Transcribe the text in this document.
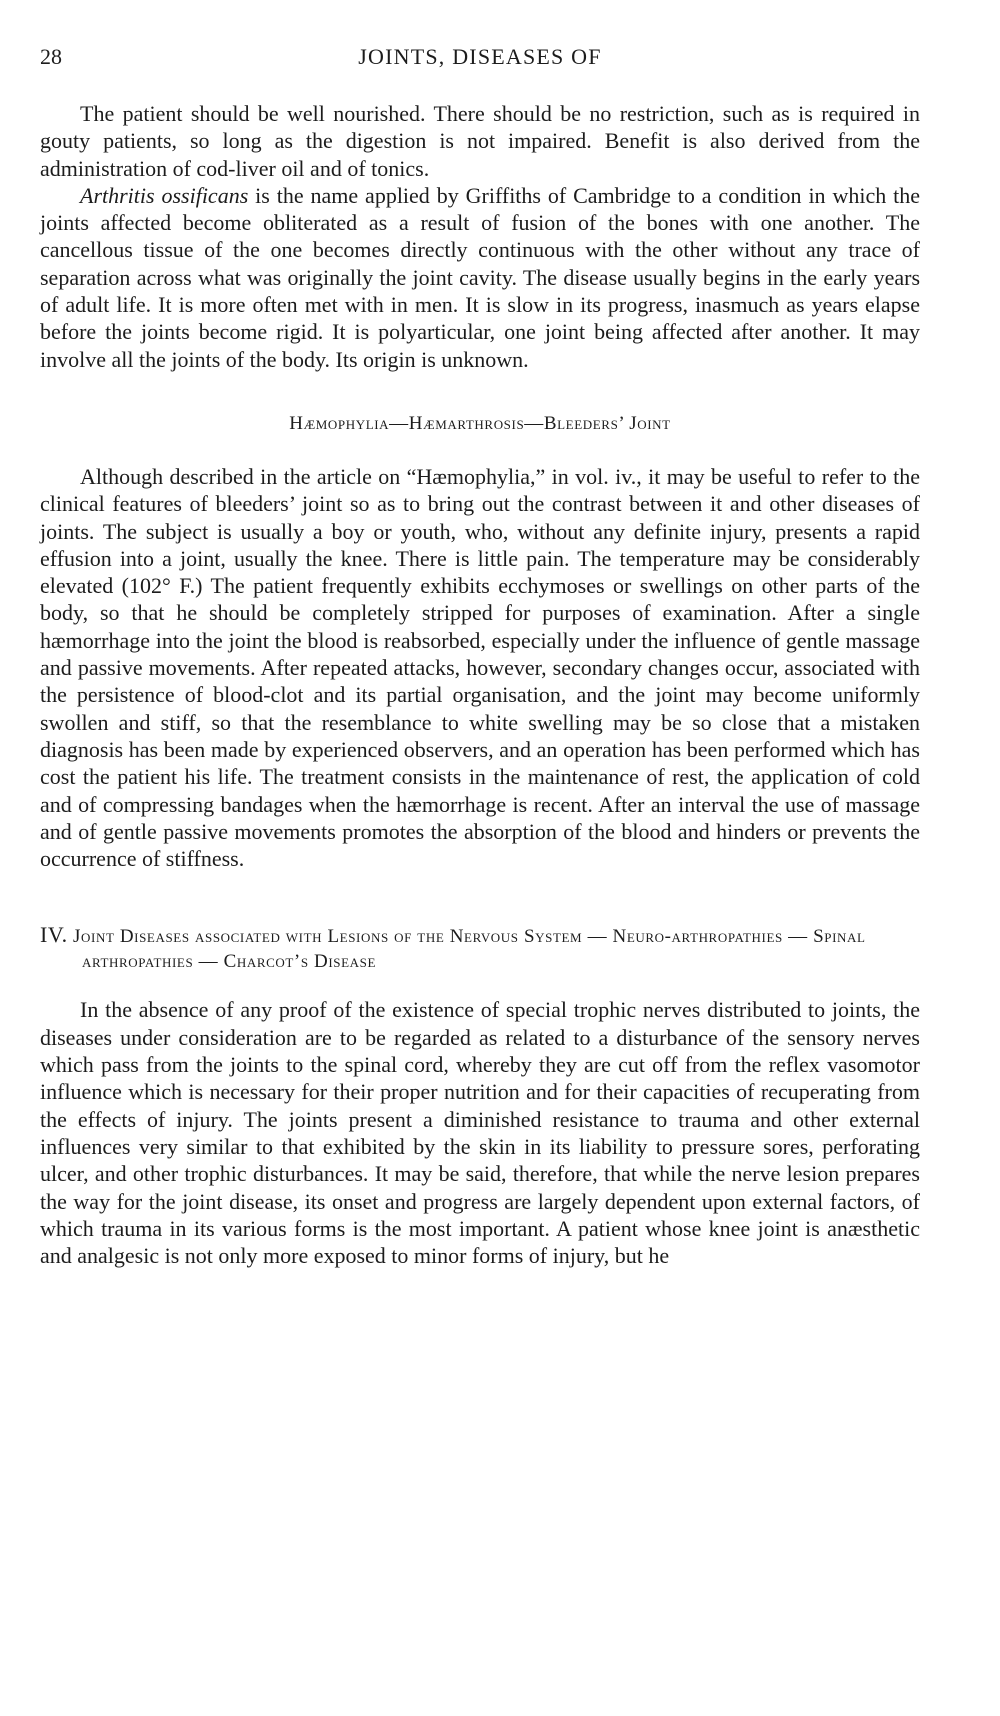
28	JOINTS, DISEASES OF

The patient should be well nourished. There should be no restriction, such as is required in gouty patients, so long as the digestion is not impaired. Benefit is also derived from the administration of cod-liver oil and of tonics.

Arthritis ossificans is the name applied by Griffiths of Cambridge to a condition in which the joints affected become obliterated as a result of fusion of the bones with one another. The cancellous tissue of the one becomes directly continuous with the other without any trace of separation across what was originally the joint cavity. The disease usually begins in the early years of adult life. It is more often met with in men. It is slow in its progress, inasmuch as years elapse before the joints become rigid. It is polyarticular, one joint being affected after another. It may involve all the joints of the body. Its origin is unknown.

Hæmophylia—Hæmarthrosis—Bleeders’ Joint

Although described in the article on “Hæmophylia,” in vol. iv., it may be useful to refer to the clinical features of bleeders’ joint so as to bring out the contrast between it and other diseases of joints. The subject is usually a boy or youth, who, without any definite injury, presents a rapid effusion into a joint, usually the knee. There is little pain. The temperature may be considerably elevated (102° F.) The patient frequently exhibits ecchymoses or swellings on other parts of the body, so that he should be completely stripped for purposes of examination. After a single hæmorrhage into the joint the blood is reabsorbed, especially under the influence of gentle massage and passive movements. After repeated attacks, however, secondary changes occur, associated with the persistence of blood-clot and its partial organisation, and the joint may become uniformly swollen and stiff, so that the resemblance to white swelling may be so close that a mistaken diagnosis has been made by experienced observers, and an operation has been performed which has cost the patient his life. The treatment consists in the maintenance of rest, the application of cold and of compressing bandages when the hæmorrhage is recent. After an interval the use of massage and of gentle passive movements promotes the absorption of the blood and hinders or prevents the occurrence of stiffness.

IV. Joint Diseases associated with Lesions of the Nervous System — Neuro-arthropathies — Spinal arthropathies — Charcot’s Disease

In the absence of any proof of the existence of special trophic nerves distributed to joints, the diseases under consideration are to be regarded as related to a disturbance of the sensory nerves which pass from the joints to the spinal cord, whereby they are cut off from the reflex vasomotor influence which is necessary for their proper nutrition and for their capacities of recuperating from the effects of injury. The joints present a diminished resistance to trauma and other external influences very similar to that exhibited by the skin in its liability to pressure sores, perforating ulcer, and other trophic disturbances. It may be said, therefore, that while the nerve lesion prepares the way for the joint disease, its onset and progress are largely dependent upon external factors, of which trauma in its various forms is the most important. A patient whose knee joint is anæsthetic and analgesic is not only more exposed to minor forms of injury, but he
